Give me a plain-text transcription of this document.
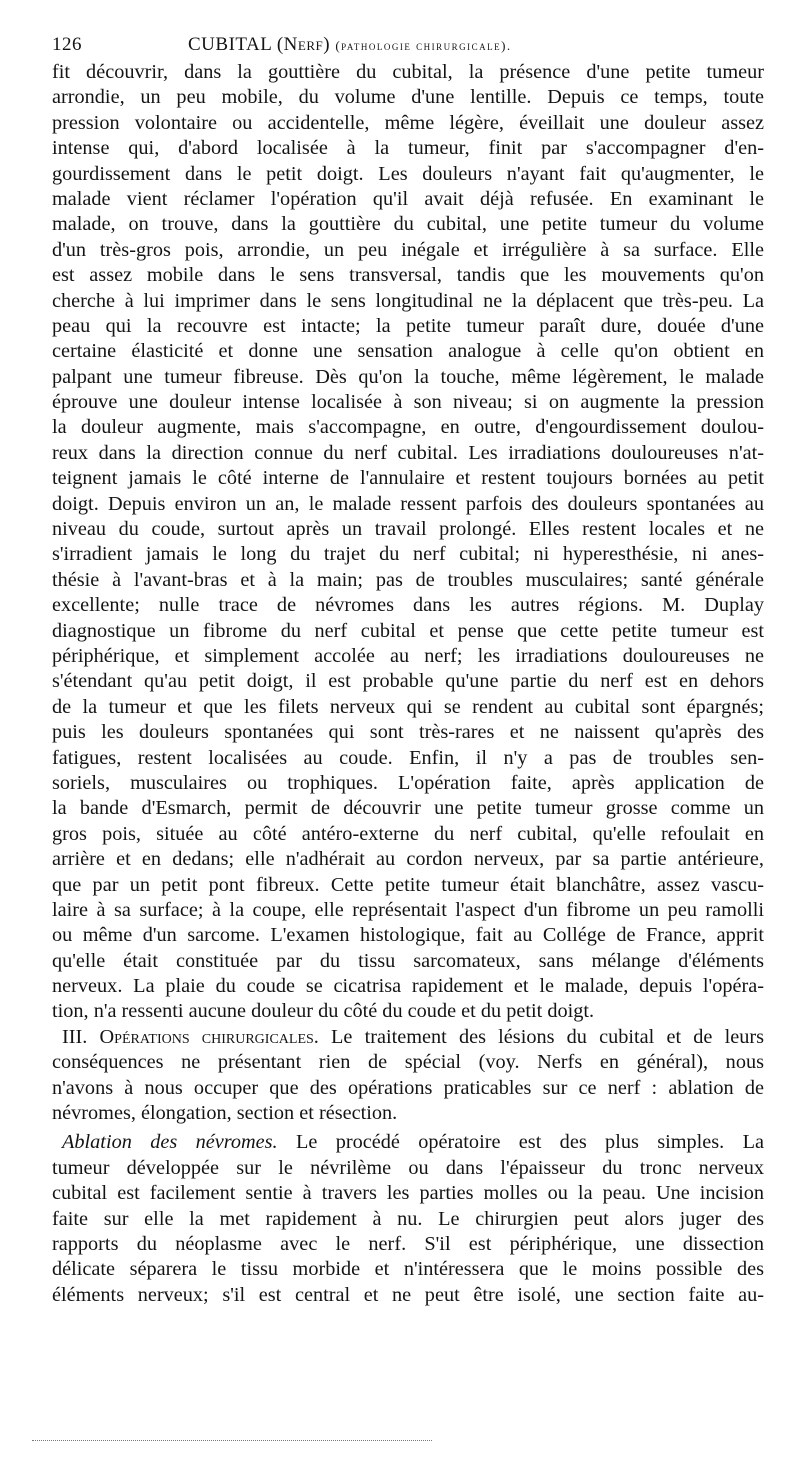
126	CUBITAL (Nerf) (pathologie chirurgicale).
fit découvrir, dans la gouttière du cubital, la présence d'une petite tumeur
arrondie, un peu mobile, du volume d'une lentille. Depuis ce temps, toute
pression volontaire ou accidentelle, même légère, éveillait une douleur assez
intense qui, d'abord localisée à la tumeur, finit par s'accompagner d'en-
gourdissement dans le petit doigt. Les douleurs n'ayant fait qu'augmenter, le
malade vient réclamer l'opération qu'il avait déjà refusée. En examinant le
malade, on trouve, dans la gouttière du cubital, une petite tumeur du volume
d'un très-gros pois, arrondie, un peu inégale et irrégulière à sa surface. Elle
est assez mobile dans le sens transversal, tandis que les mouvements qu'on
cherche à lui imprimer dans le sens longitudinal ne la déplacent que très-peu. La
peau qui la recouvre est intacte; la petite tumeur paraît dure, douée d'une
certaine élasticité et donne une sensation analogue à celle qu'on obtient en
palpant une tumeur fibreuse. Dès qu'on la touche, même légèrement, le malade
éprouve une douleur intense localisée à son niveau; si on augmente la pression
la douleur augmente, mais s'accompagne, en outre, d'engourdissement doulou-
reux dans la direction connue du nerf cubital. Les irradiations douloureuses n'at-
teignent jamais le côté interne de l'annulaire et restent toujours bornées au petit
doigt. Depuis environ un an, le malade ressent parfois des douleurs spontanées au
niveau du coude, surtout après un travail prolongé. Elles restent locales et ne
s'irradient jamais le long du trajet du nerf cubital; ni hyperesthésie, ni anes-
thésie à l'avant-bras et à la main; pas de troubles musculaires; santé générale
excellente; nulle trace de névromes dans les autres régions. M. Duplay
diagnostique un fibrome du nerf cubital et pense que cette petite tumeur est
périphérique, et simplement accolée au nerf; les irradiations douloureuses ne
s'étendant qu'au petit doigt, il est probable qu'une partie du nerf est en dehors
de la tumeur et que les filets nerveux qui se rendent au cubital sont épargnés;
puis les douleurs spontanées qui sont très-rares et ne naissent qu'après des
fatigues, restent localisées au coude. Enfin, il n'y a pas de troubles sen-
soriels, musculaires ou trophiques. L'opération faite, après application de
la bande d'Esmarch, permit de découvrir une petite tumeur grosse comme un
gros pois, située au côté antéro-externe du nerf cubital, qu'elle refoulait en
arrière et en dedans; elle n'adhérait au cordon nerveux, par sa partie antérieure,
que par un petit pont fibreux. Cette petite tumeur était blanchâtre, assez vascu-
laire à sa surface; à la coupe, elle représentait l'aspect d'un fibrome un peu ramolli
ou même d'un sarcome. L'examen histologique, fait au Collége de France, apprit
qu'elle était constituée par du tissu sarcomateux, sans mélange d'éléments
nerveux. La plaie du coude se cicatrisa rapidement et le malade, depuis l'opéra-
tion, n'a ressenti aucune douleur du côté du coude et du petit doigt.
III. Opérations chirurgicales. Le traitement des lésions du cubital et de leurs
conséquences ne présentant rien de spécial (voy. Nerfs en général), nous
n'avons à nous occuper que des opérations praticables sur ce nerf : ablation de
névromes, élongation, section et résection.
Ablation des névromes. Le procédé opératoire est des plus simples. La
tumeur développée sur le névrilème ou dans l'épaisseur du tronc nerveux
cubital est facilement sentie à travers les parties molles ou la peau. Une incision
faite sur elle la met rapidement à nu. Le chirurgien peut alors juger des
rapports du néoplasme avec le nerf. S'il est périphérique, une dissection
délicate séparera le tissu morbide et n'intéressera que le moins possible des
éléments nerveux; s'il est central et ne peut être isolé, une section faite au-
